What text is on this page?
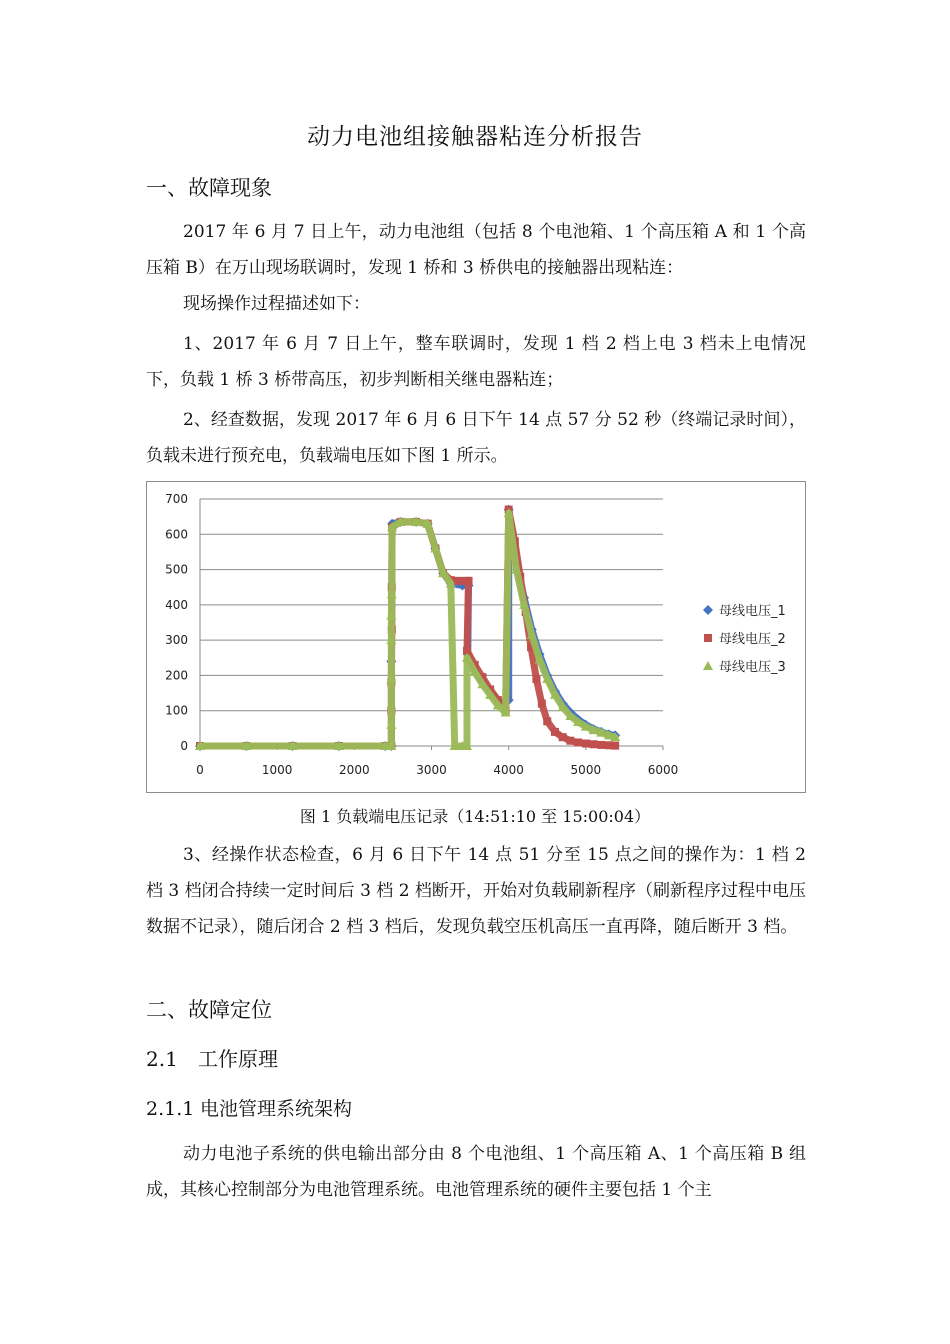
动力电池组接触器粘连分析报告
一、故障现象

2017 年 6 月 7 日上午，动力电池组（包括 8 个电池箱、1 个高压箱 A 和 1 个高压箱 B）在万山现场联调时，发现 1 桥和 3 桥供电的接触器出现粘连：

现场操作过程描述如下：

1、2017 年 6 月 7 日上午，整车联调时，发现 1 档 2 档上电 3 档未上电情况下，负载 1 桥 3 桥带高压，初步判断相关继电器粘连；

2、经查数据，发现 2017 年 6 月 6 日下午 14 点 57 分 52 秒（终端记录时间），负载未进行预充电，负载端电压如下图 1 所示。

0
100
200
300
400
500
600
700
0	1000	2000	3000	4000	5000	6000
母线电压_1
母线电压_2
母线电压_3
图 1 负载端电压记录（14:51:10 至 15:00:04）

3、经操作状态检查，6 月 6 日下午 14 点 51 分至 15 点之间的操作为：1 档 2 档 3 档闭合持续一定时间后 3 档 2 档断开，开始对负载刷新程序（刷新程序过程中电压数据不记录），随后闭合 2 档 3 档后，发现负载空压机高压一直再降，随后断开 3 档。

二、故障定位
2.1 工作原理
2.1.1 电池管理系统架构

动力电池子系统的供电输出部分由 8 个电池组、1 个高压箱 A、1 个高压箱 B 组成，其核心控制部分为电池管理系统。电池管理系统的硬件主要包括 1 个主
